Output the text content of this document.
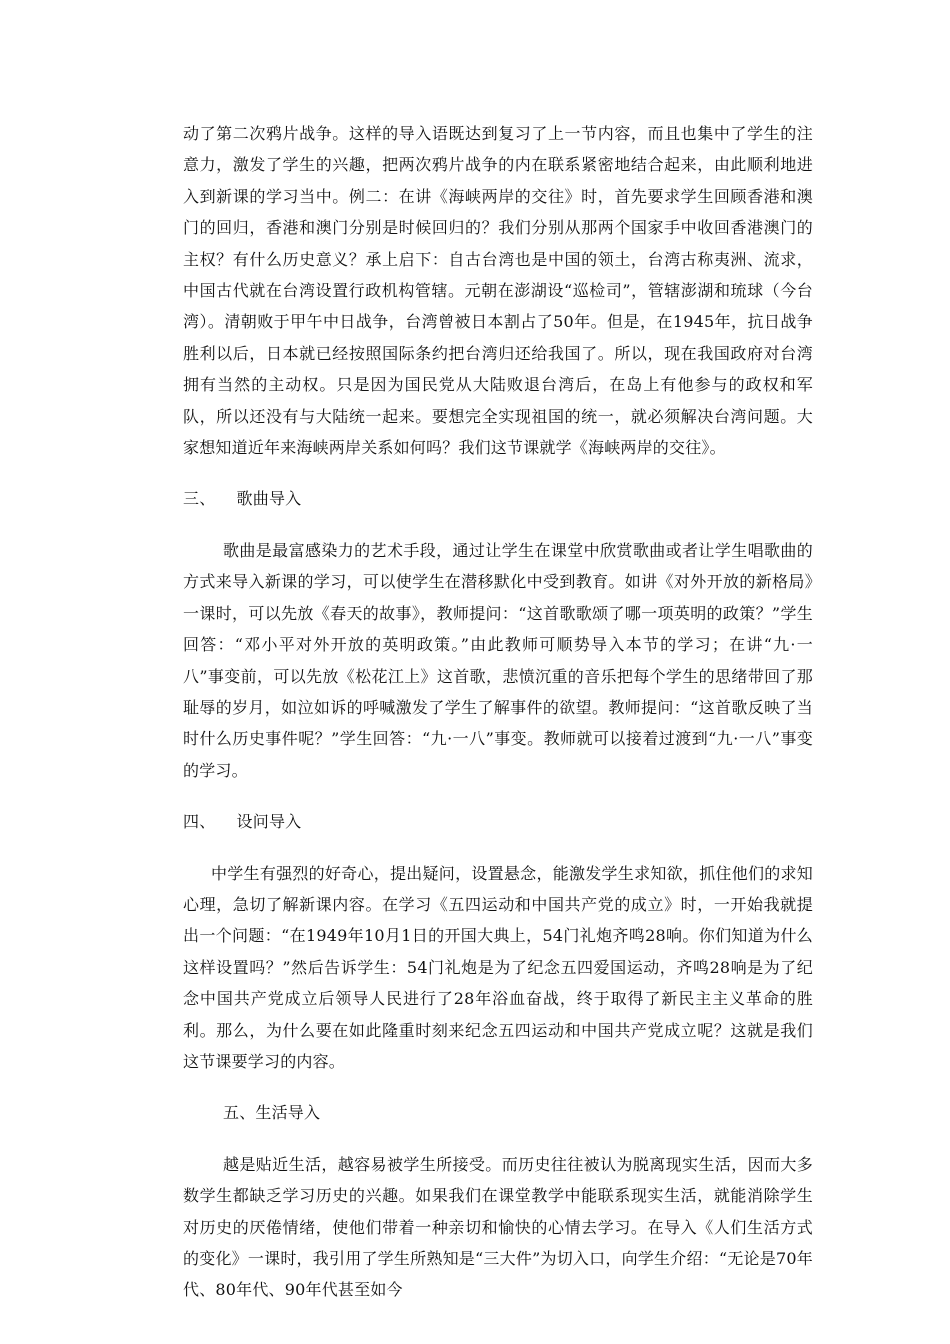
动了第二次鸦片战争。这样的导入语既达到复习了上一节内容，而且也集中了学生的注意力，激发了学生的兴趣，把两次鸦片战争的内在联系紧密地结合起来，由此顺利地进入到新课的学习当中。例二：在讲《海峡两岸的交往》时，首先要求学生回顾香港和澳门的回归，香港和澳门分别是时候回归的？我们分别从那两个国家手中收回香港澳门的主权？有什么历史意义？承上启下：自古台湾也是中国的领土，台湾古称夷洲、流求，中国古代就在台湾设置行政机构管辖。元朝在澎湖设“巡检司”，管辖澎湖和琉球（今台湾）。清朝败于甲午中日战争，台湾曾被日本割占了50年。但是，在1945年，抗日战争胜利以后，日本就已经按照国际条约把台湾归还给我国了。所以，现在我国政府对台湾拥有当然的主动权。只是因为国民党从大陆败退台湾后，在岛上有他参与的政权和军队，所以还没有与大陆统一起来。要想完全实现祖国的统一，就必须解决台湾问题。大家想知道近年来海峡两岸关系如何吗？我们这节课就学《海峡两岸的交往》。

三、    歌曲导入

歌曲是最富感染力的艺术手段，通过让学生在课堂中欣赏歌曲或者让学生唱歌曲的方式来导入新课的学习，可以使学生在潜移默化中受到教育。如讲《对外开放的新格局》一课时，可以先放《春天的故事》，教师提问：“这首歌歌颂了哪一项英明的政策？”学生回答：“邓小平对外开放的英明政策。”由此教师可顺势导入本节的学习；在讲“九·一八”事变前，可以先放《松花江上》这首歌，悲愤沉重的音乐把每个学生的思绪带回了那耻辱的岁月，如泣如诉的呼喊激发了学生了解事件的欲望。教师提问：“这首歌反映了当时什么历史事件呢？”学生回答：“九·一八”事变。教师就可以接着过渡到“九·一八”事变的学习。

四、    设问导入

中学生有强烈的好奇心，提出疑问，设置悬念，能激发学生求知欲，抓住他们的求知心理，急切了解新课内容。在学习《五四运动和中国共产党的成立》时，一开始我就提出一个问题：“在1949年10月1日的开国大典上，54门礼炮齐鸣28响。你们知道为什么这样设置吗？”然后告诉学生：54门礼炮是为了纪念五四爱国运动，齐鸣28响是为了纪念中国共产党成立后领导人民进行了28年浴血奋战，终于取得了新民主主义革命的胜利。那么，为什么要在如此隆重时刻来纪念五四运动和中国共产党成立呢？这就是我们这节课要学习的内容。

五、生活导入

越是贴近生活，越容易被学生所接受。而历史往往被认为脱离现实生活，因而大多数学生都缺乏学习历史的兴趣。如果我们在课堂教学中能联系现实生活，就能消除学生对历史的厌倦情绪，使他们带着一种亲切和愉快的心情去学习。在导入《人们生活方式的变化》一课时，我引用了学生所熟知是“三大件”为切入口，向学生介绍：“无论是70年代、80年代、90年代甚至如今
